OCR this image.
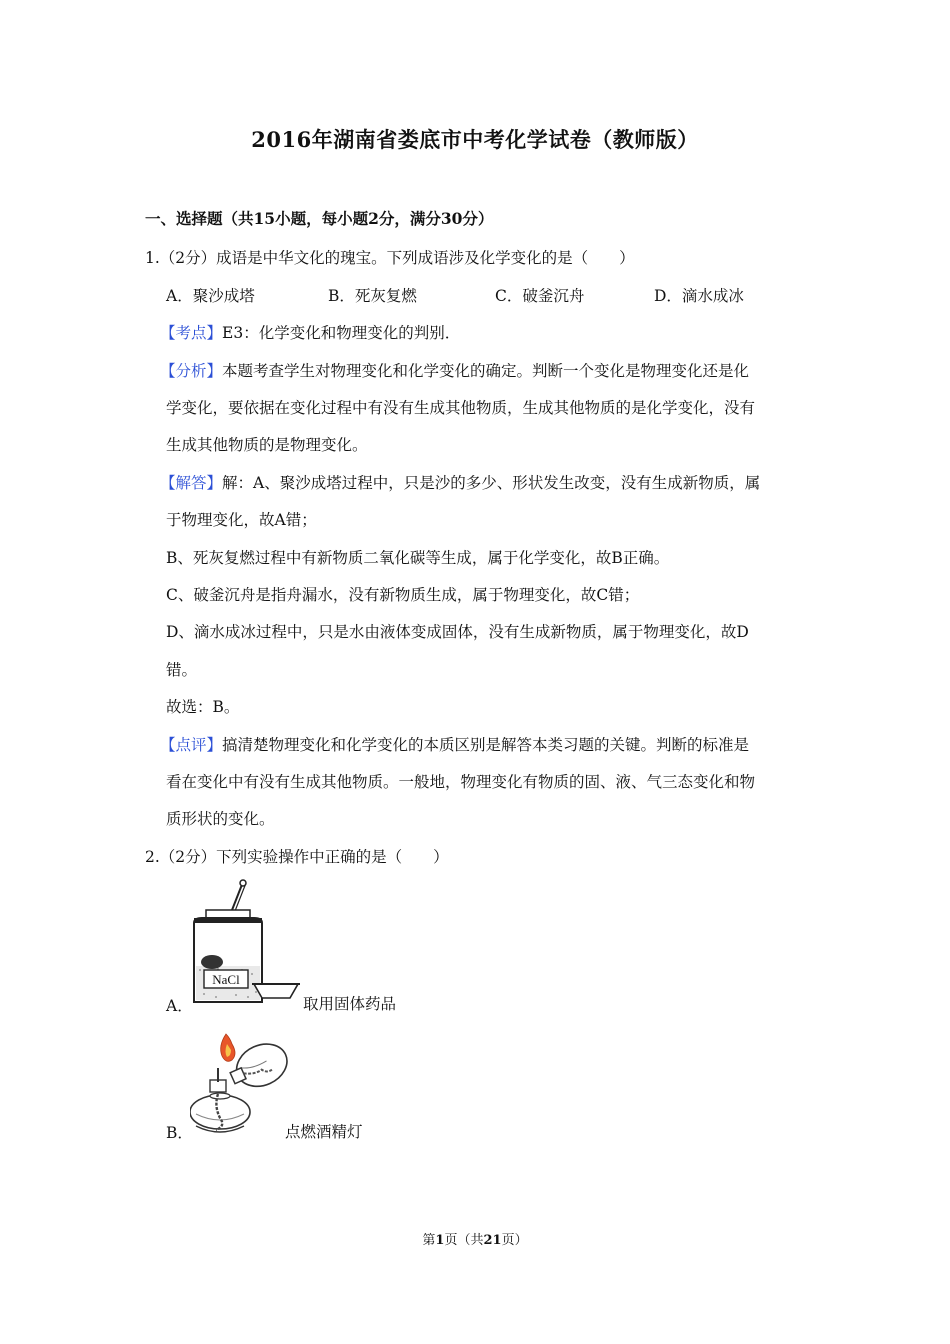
2016年湖南省娄底市中考化学试卷（教师版）
一、选择题（共15小题，每小题2分，满分30分）
1.（2分）成语是中华文化的瑰宝。下列成语涉及化学变化的是（　　）
A．聚沙成塔	B．死灰复燃	C．破釜沉舟	D．滴水成冰
【考点】E3：化学变化和物理变化的判别．
【分析】本题考查学生对物理变化和化学变化的确定。判断一个变化是物理变化还是化
学变化，要依据在变化过程中有没有生成其他物质，生成其他物质的是化学变化，没有
生成其他物质的是物理变化。
【解答】解：A、聚沙成塔过程中，只是沙的多少、形状发生改变，没有生成新物质，属
于物理变化，故A错；
B、死灰复燃过程中有新物质二氧化碳等生成，属于化学变化，故B正确。
C、破釜沉舟是指舟漏水，没有新物质生成，属于物理变化，故C错；
D、滴水成冰过程中，只是水由液体变成固体，没有生成新物质，属于物理变化，故D
错。
故选：B。
【点评】搞清楚物理变化和化学变化的本质区别是解答本类习题的关键。判断的标准是
看在变化中有没有生成其他物质。一般地，物理变化有物质的固、液、气三态变化和物
质形状的变化。
2.（2分）下列实验操作中正确的是（　　）
NaCl
A．	取用固体药品
B．	点燃酒精灯
第1页（共21页）
